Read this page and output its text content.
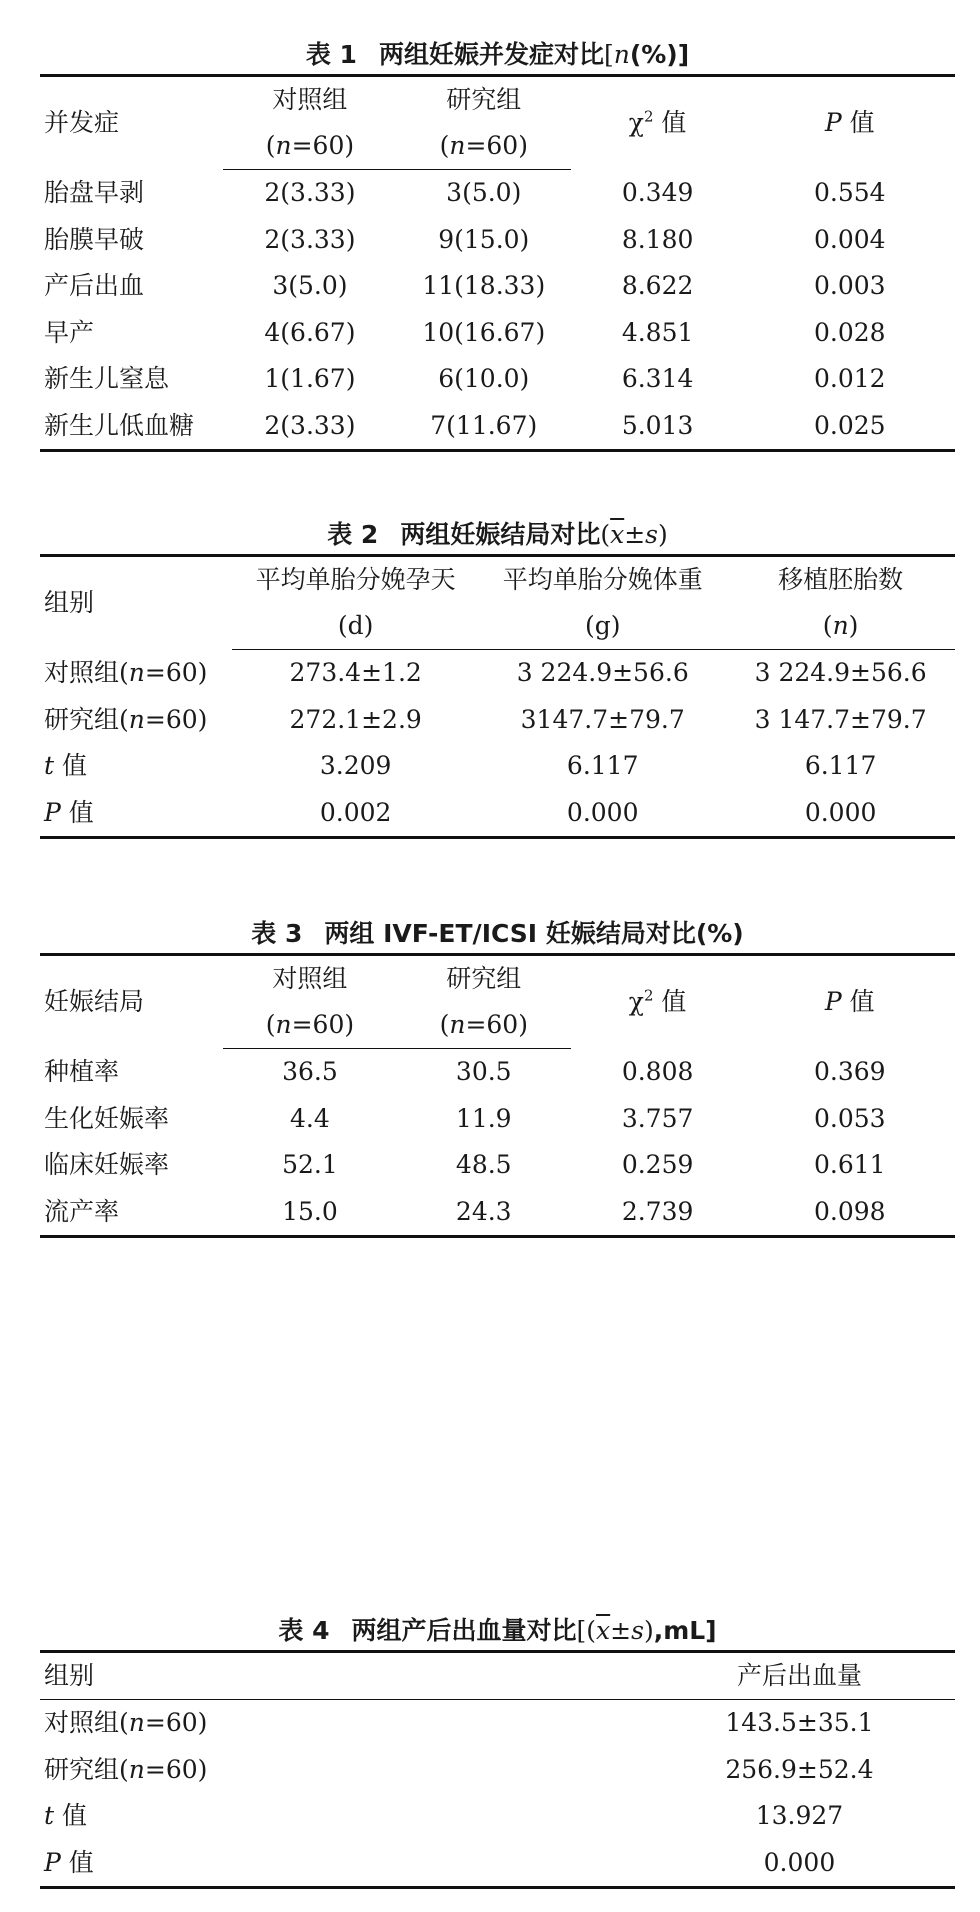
表 1 两组妊娠并发症对比[n(%)]
并发症	对照组	研究组	$\chi^2$ 值	P 值
	(n=60)	(n=60)		
胎盘早剥	2(3.33)	3(5.0)	0.349	0.554
胎膜早破	2(3.33)	9(15.0)	8.180	0.004
产后出血	3(5.0)	11(18.33)	8.622	0.003
早产	4(6.67)	10(16.67)	4.851	0.028
新生儿窒息	1(1.67)	6(10.0)	6.314	0.012
新生儿低血糖	2(3.33)	7(11.67)	5.013	0.025
表 2 两组妊娠结局对比$(\overline{x}\pm s)$
组别	平均单胎分娩孕天	平均单胎分娩体重	移植胚胎数
	(d)	(g)	(n)
对照组(n=60)	273.4±1.2	3 224.9±56.6	3 224.9±56.6
研究组(n=60)	272.1±2.9	3147.7±79.7	3 147.7±79.7
t 值	3.209	6.117	6.117
P 值	0.002	0.000	0.000
表 3 两组 IVF-ET/ICSI 妊娠结局对比(%)
妊娠结局	对照组	研究组	$\chi^2$ 值	P 值
	(n=60)	(n=60)		
种植率	36.5	30.5	0.808	0.369
生化妊娠率	4.4	11.9	3.757	0.053
临床妊娠率	52.1	48.5	0.259	0.611
流产率	15.0	24.3	2.739	0.098
表 4 两组产后出血量对比$[(\overline{x}\pm s),mL]$
组别	产后出血量
对照组(n=60)	143.5±35.1
研究组(n=60)	256.9±52.4
t 值	13.927
P 值	0.000
